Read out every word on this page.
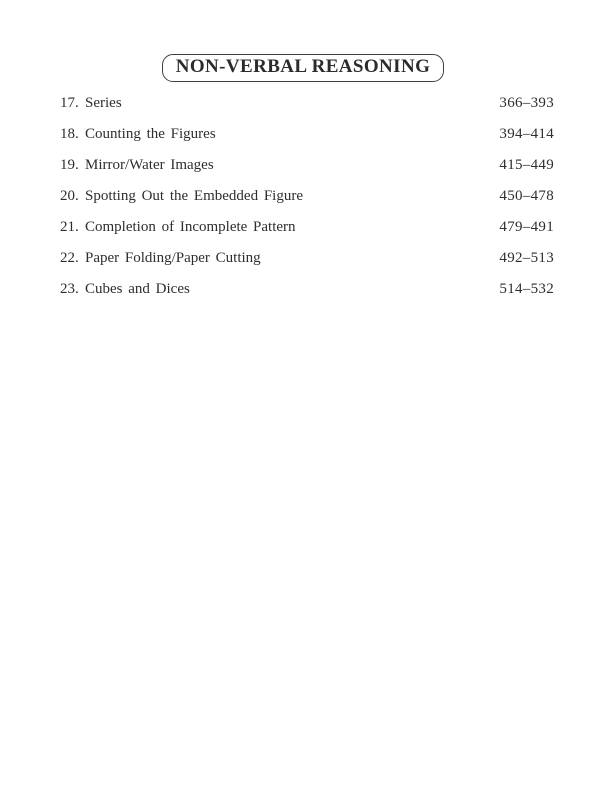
NON-VERBAL REASONING
17. Series	366–393
18. Counting the Figures	394–414
19. Mirror/Water Images	415–449
20. Spotting Out the Embedded Figure	450–478
21. Completion of Incomplete Pattern	479–491
22. Paper Folding/Paper Cutting	492–513
23. Cubes and Dices	514–532
